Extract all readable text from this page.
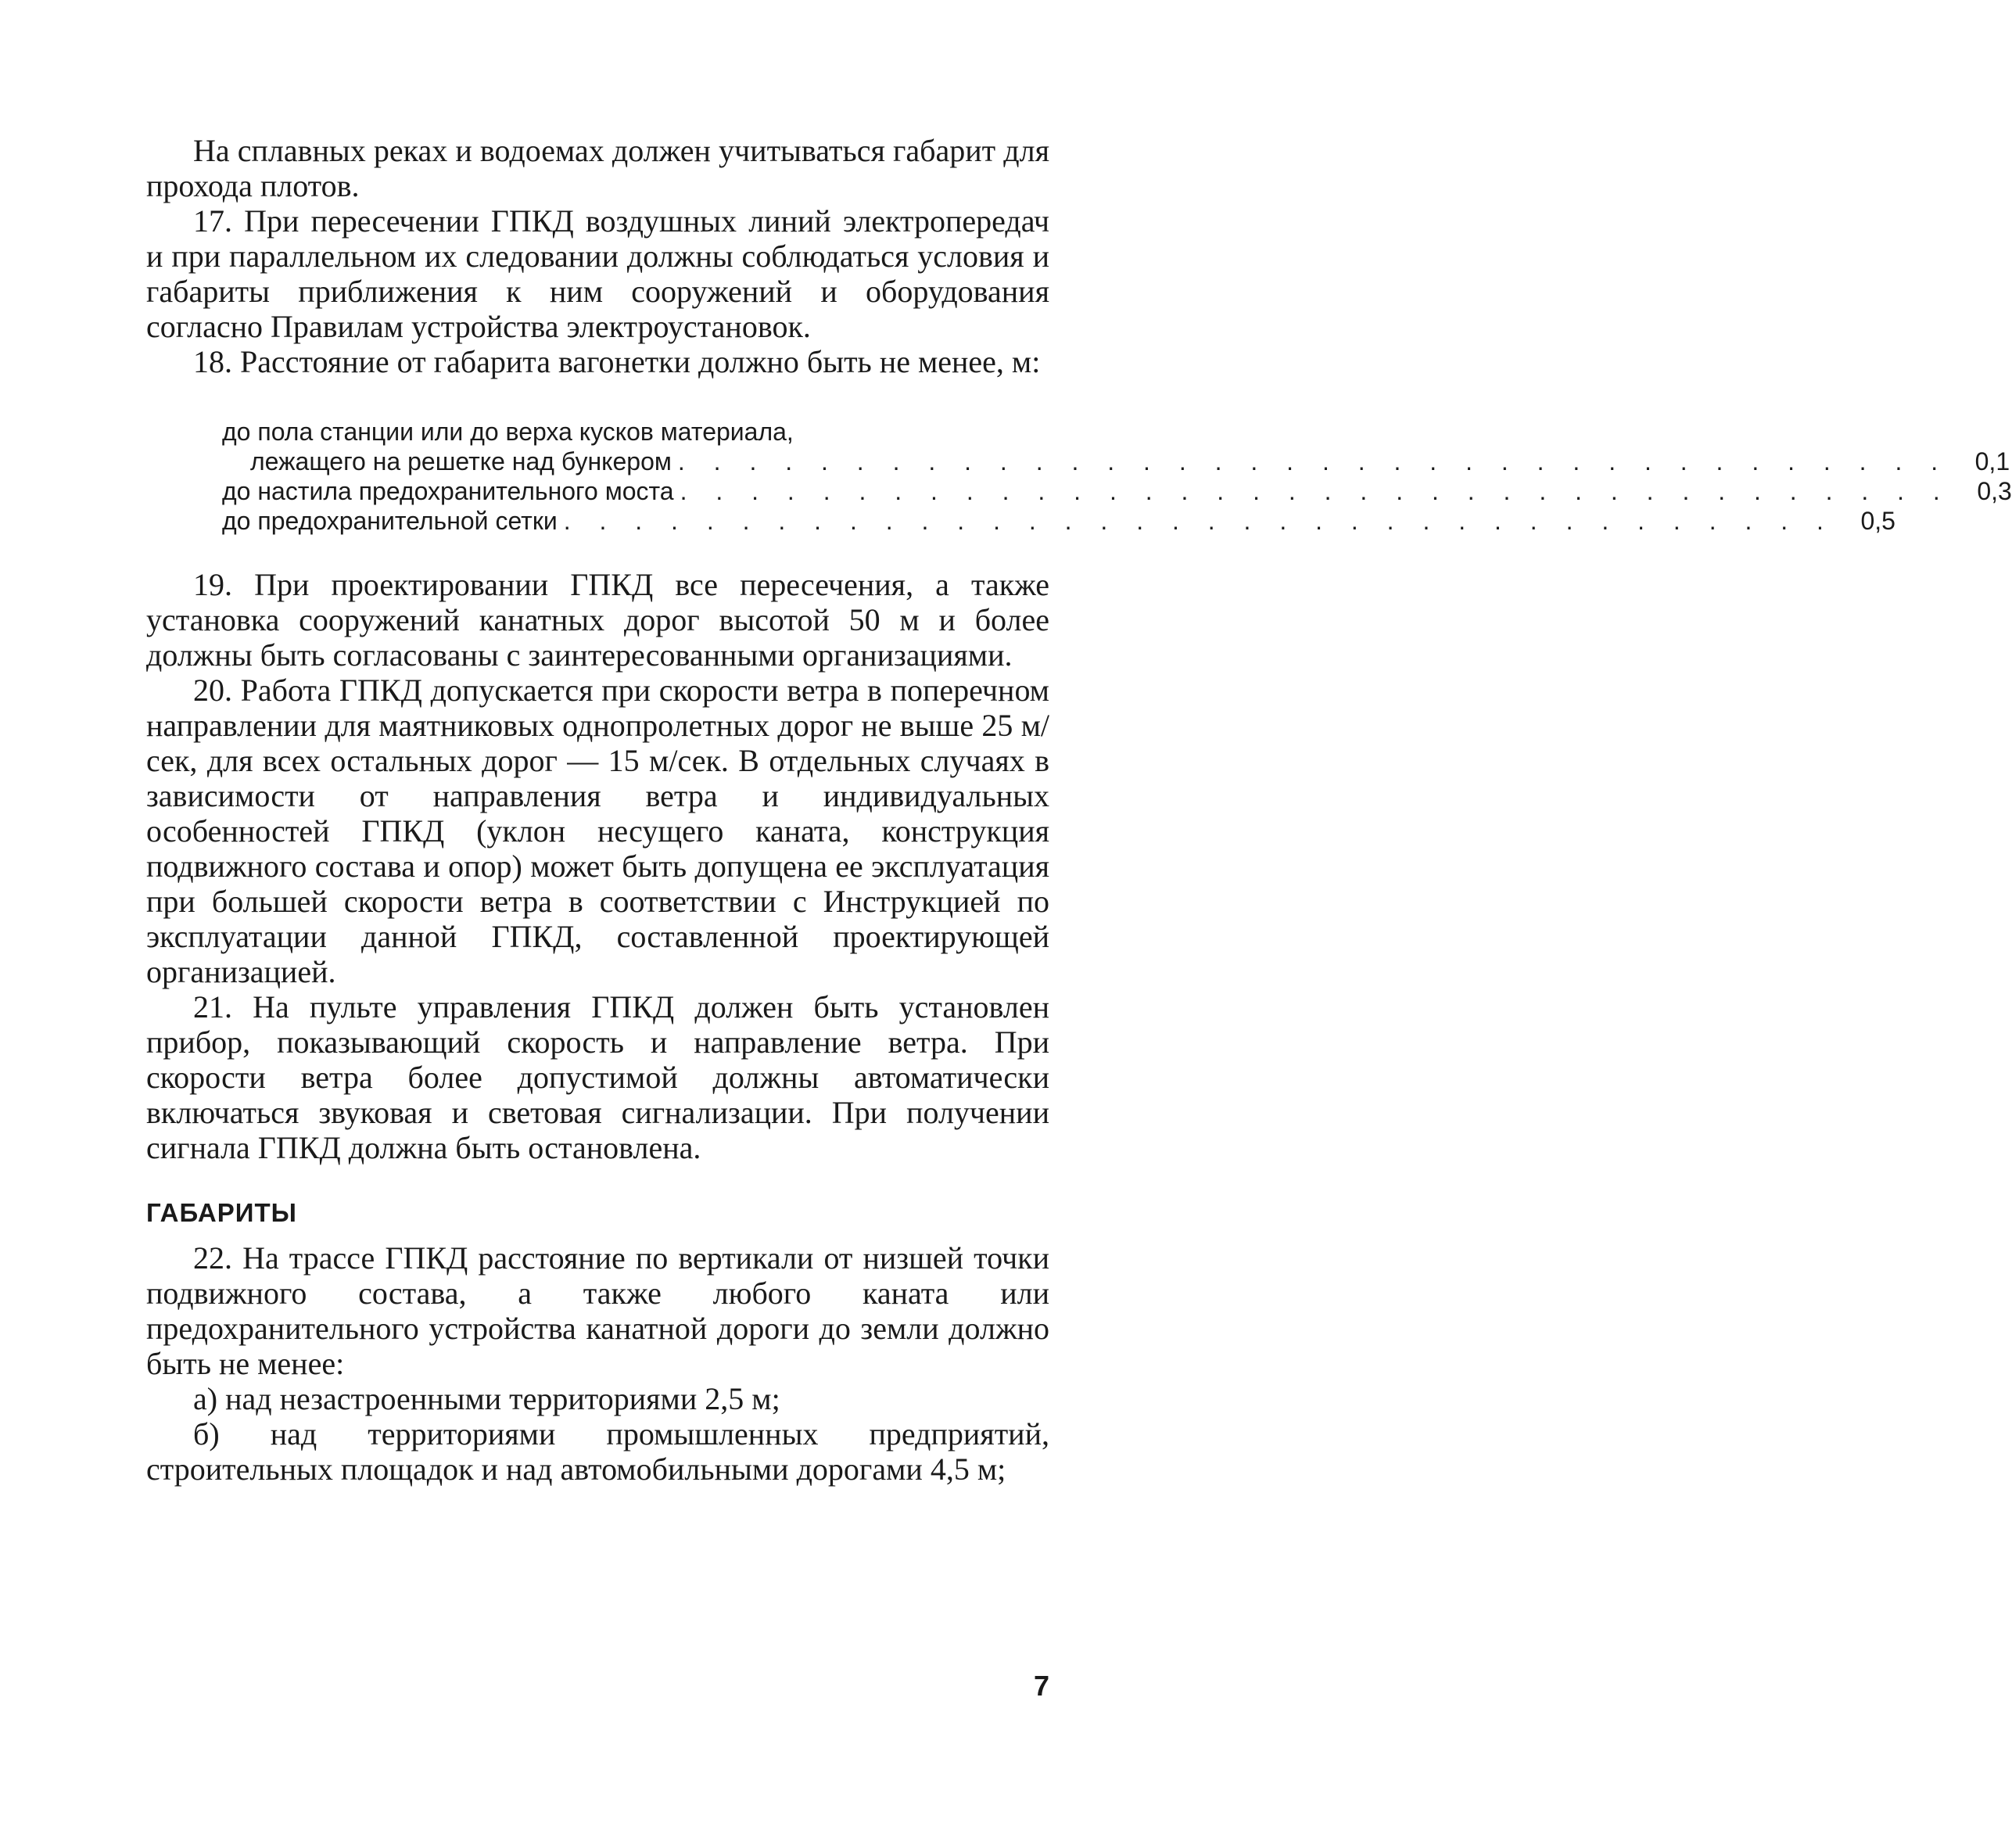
На сплавных реках и водоемах должен учитываться габарит для прохода плотов.

17. При пересечении ГПКД воздушных линий электропередач и при параллельном их следовании должны соблюдаться условия и габариты приближения к ним сооружений и оборудования согласно Правилам устройства электроустановок.

18. Расстояние от габарита вагонетки должно быть не менее, м:

до пола станции или до верха кусков материала,
лежащего на решетке над бункером . . . . . . . . . . . . . . . . . . . . . . . . . . . . . . . . . . . .	0,1
до настила предохранительного моста . . . . . . . . . . . . . . . . . . . . . . . . . . . . . . . . . . . .	0,3
до предохранительной сетки . . . . . . . . . . . . . . . . . . . . . . . . . . . . . . . . . . . .	0,5

19. При проектировании ГПКД все пересечения, а также установка сооружений канатных дорог высотой 50 м и более должны быть согласованы с заинтересованными организациями.

20. Работа ГПКД допускается при скорости ветра в поперечном направлении для маятниковых однопролетных дорог не выше 25 м/сек, для всех остальных дорог — 15 м/сек. В отдельных случаях в зависимости от направления ветра и индивидуальных особенностей ГПКД (уклон несущего каната, конструкция подвижного состава и опор) может быть допущена ее эксплуатация при большей скорости ветра в соответствии с Инструкцией по эксплуатации данной ГПКД, составленной проектирующей организацией.

21. На пульте управления ГПКД должен быть установлен прибор, показывающий скорость и направление ветра. При скорости ветра более допустимой должны автоматически включаться звуковая и световая сигнализации. При получении сигнала ГПКД должна быть остановлена.

ГАБАРИТЫ

22. На трассе ГПКД расстояние по вертикали от низшей точки подвижного состава, а также любого каната или предохранительного устройства канатной дороги до земли должно быть не менее:

а) над незастроенными территориями 2,5 м;

б) над территориями промышленных предприятий, строительных площадок и над автомобильными дорогами 4,5 м;

7
